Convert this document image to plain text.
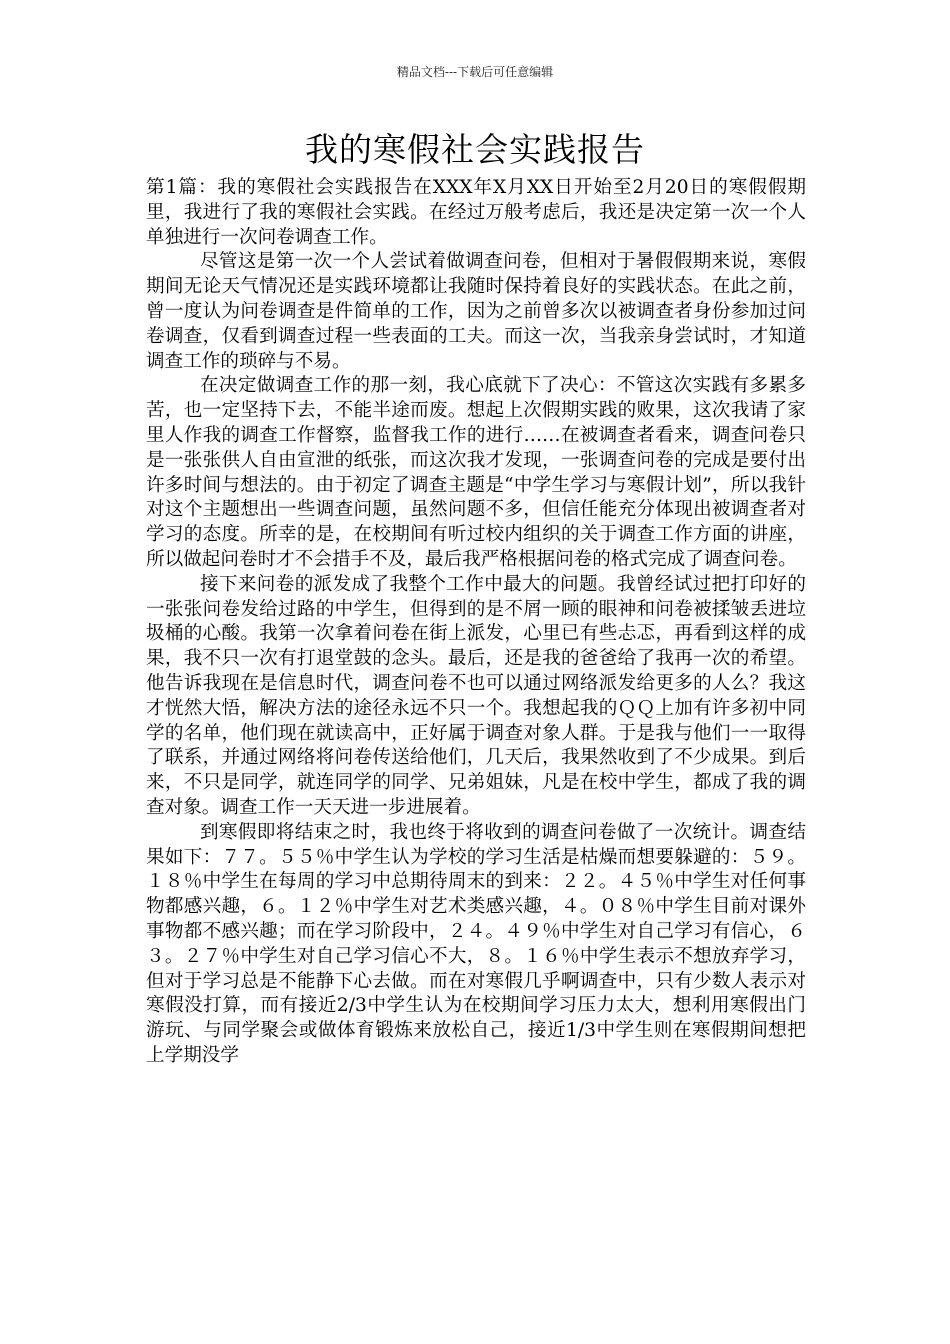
精品文档---下载后可任意编辑
我的寒假社会实践报告

第1篇：我的寒假社会实践报告在XXX年X月XX日开始至2月20日的寒假假期里，我进行了我的寒假社会实践。在经过万般考虑后，我还是决定第一次一个人单独进行一次问卷调查工作。

尽管这是第一次一个人尝试着做调查问卷，但相对于暑假假期来说，寒假期间无论天气情况还是实践环境都让我随时保持着良好的实践状态。在此之前，曾一度认为问卷调查是件简单的工作，因为之前曾多次以被调查者身份参加过问卷调查，仅看到调查过程一些表面的工夫。而这一次，当我亲身尝试时，才知道调查工作的琐碎与不易。

在决定做调查工作的那一刻，我心底就下了决心：不管这次实践有多累多苦，也一定坚持下去，不能半途而废。想起上次假期实践的败果，这次我请了家里人作我的调查工作督察，监督我工作的进行……在被调查者看来，调查问卷只是一张张供人自由宣泄的纸张，而这次我才发现，一张调查问卷的完成是要付出许多时间与想法的。由于初定了调查主题是“中学生学习与寒假计划”，所以我针对这个主题想出一些调查问题，虽然问题不多，但信任能充分体现出被调查者对学习的态度。所幸的是，在校期间有听过校内组织的关于调查工作方面的讲座，所以做起问卷时才不会措手不及，最后我严格根据问卷的格式完成了调查问卷。

接下来问卷的派发成了我整个工作中最大的问题。我曾经试过把打印好的一张张问卷发给过路的中学生，但得到的是不屑一顾的眼神和问卷被揉皱丢进垃圾桶的心酸。我第一次拿着问卷在街上派发，心里已有些忐忑，再看到这样的成果，我不只一次有打退堂鼓的念头。最后，还是我的爸爸给了我再一次的希望。他告诉我现在是信息时代，调查问卷不也可以通过网络派发给更多的人么？我这才恍然大悟，解决方法的途径永远不只一个。我想起我的ＱＱ上加有许多初中同学的名单，他们现在就读高中，正好属于调查对象人群。于是我与他们一一取得了联系，并通过网络将问卷传送给他们，几天后，我果然收到了不少成果。到后来，不只是同学，就连同学的同学、兄弟姐妹，凡是在校中学生，都成了我的调查对象。调查工作一天天进一步进展着。

到寒假即将结束之时，我也终于将收到的调查问卷做了一次统计。调查结果如下：７７。５５％中学生认为学校的学习生活是枯燥而想要躲避的：５９。１８％中学生在每周的学习中总期待周末的到来：２２。４５％中学生对任何事物都感兴趣，６。１２％中学生对艺术类感兴趣，４。０８％中学生目前对课外事物都不感兴趣；而在学习阶段中，２４。４９％中学生对自己学习有信心，６３。２７％中学生对自己学习信心不大，８。１６％中学生表示不想放弃学习，但对于学习总是不能静下心去做。而在对寒假几乎啊调查中，只有少数人表示对寒假没打算，而有接近2/3中学生认为在校期间学习压力太大，想利用寒假出门游玩、与同学聚会或做体育锻炼来放松自己，接近1/3中学生则在寒假期间想把上学期没学
